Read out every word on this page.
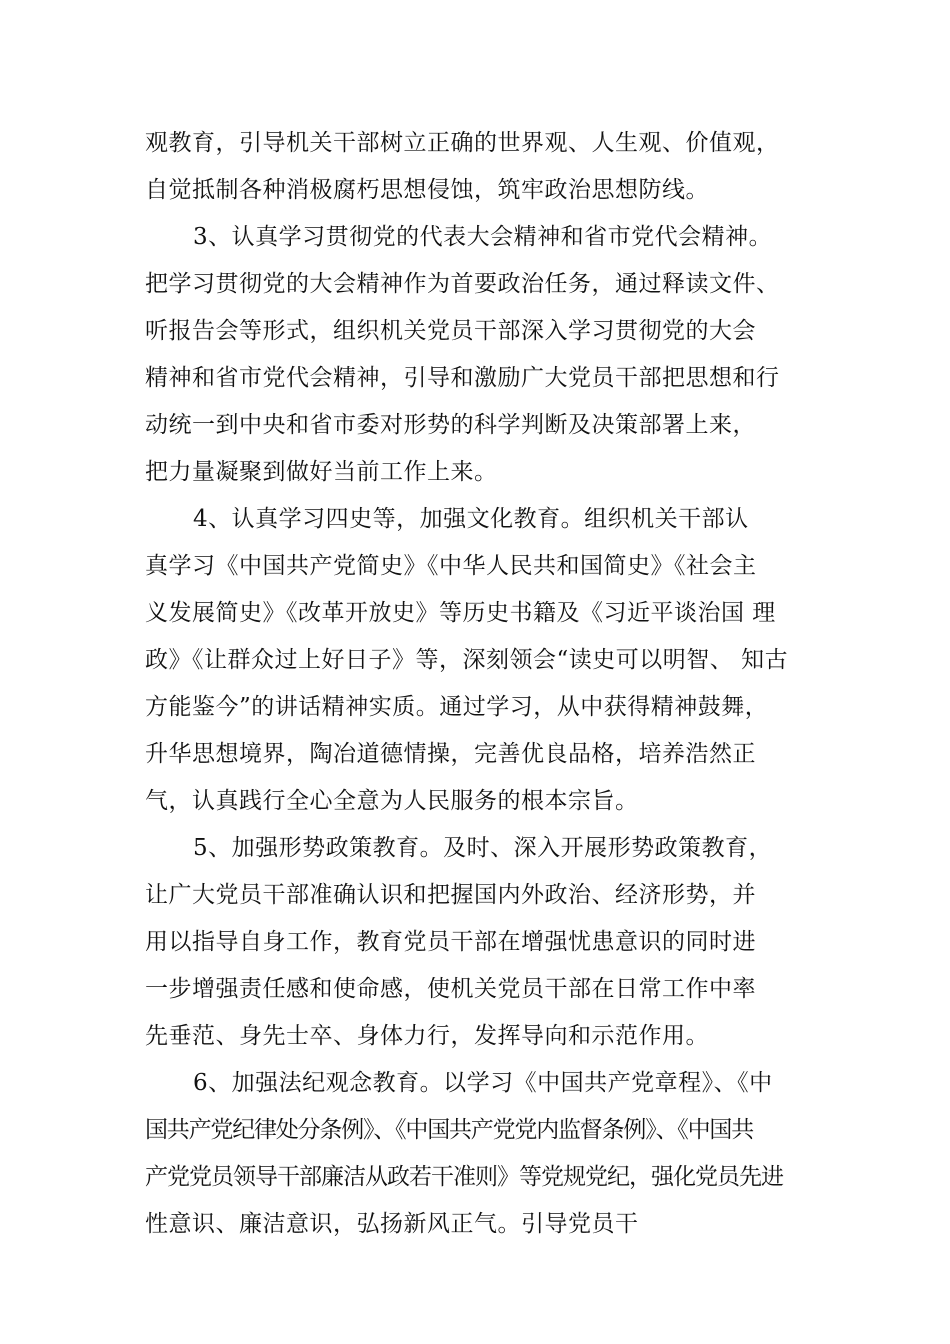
观教育，引导机关干部树立正确的世界观、人生观、价值观，
自觉抵制各种消极腐朽思想侵蚀，筑牢政治思想防线。
3、认真学习贯彻党的代表大会精神和省市党代会精神。
把学习贯彻党的大会精神作为首要政治任务，通过释读文件、
听报告会等形式，组织机关党员干部深入学习贯彻党的大会
精神和省市党代会精神，引导和激励广大党员干部把思想和行
动统一到中央和省市委对形势的科学判断及决策部署上来，
把力量凝聚到做好当前工作上来。
4、认真学习四史等，加强文化教育。组织机关干部认
真学习《中国共产党简史》《中华人民共和国简史》《社会主
义发展简史》《改革开放史》等历史书籍及《习近平谈治国 理
政》《让群众过上好日子》等，深刻领会“读史可以明智、 知古
方能鉴今”的讲话精神实质。通过学习，从中获得精神鼓舞，
升华思想境界，陶冶道德情操，完善优良品格，培养浩然正
气，认真践行全心全意为人民服务的根本宗旨。
5、加强形势政策教育。及时、深入开展形势政策教育，
让广大党员干部准确认识和把握国内外政治、经济形势，并
用以指导自身工作，教育党员干部在增强忧患意识的同时进
一步增强责任感和使命感，使机关党员干部在日常工作中率
先垂范、身先士卒、身体力行，发挥导向和示范作用。
6、加强法纪观念教育。以学习《中国共产党章程》、《中
国共产党纪律处分条例》、《中国共产党党内监督条例》、《中国共
产党党员领导干部廉洁从政若干准则》等党规党纪，强化党员先进
性意识、廉洁意识，弘扬新风正气。引导党员干
